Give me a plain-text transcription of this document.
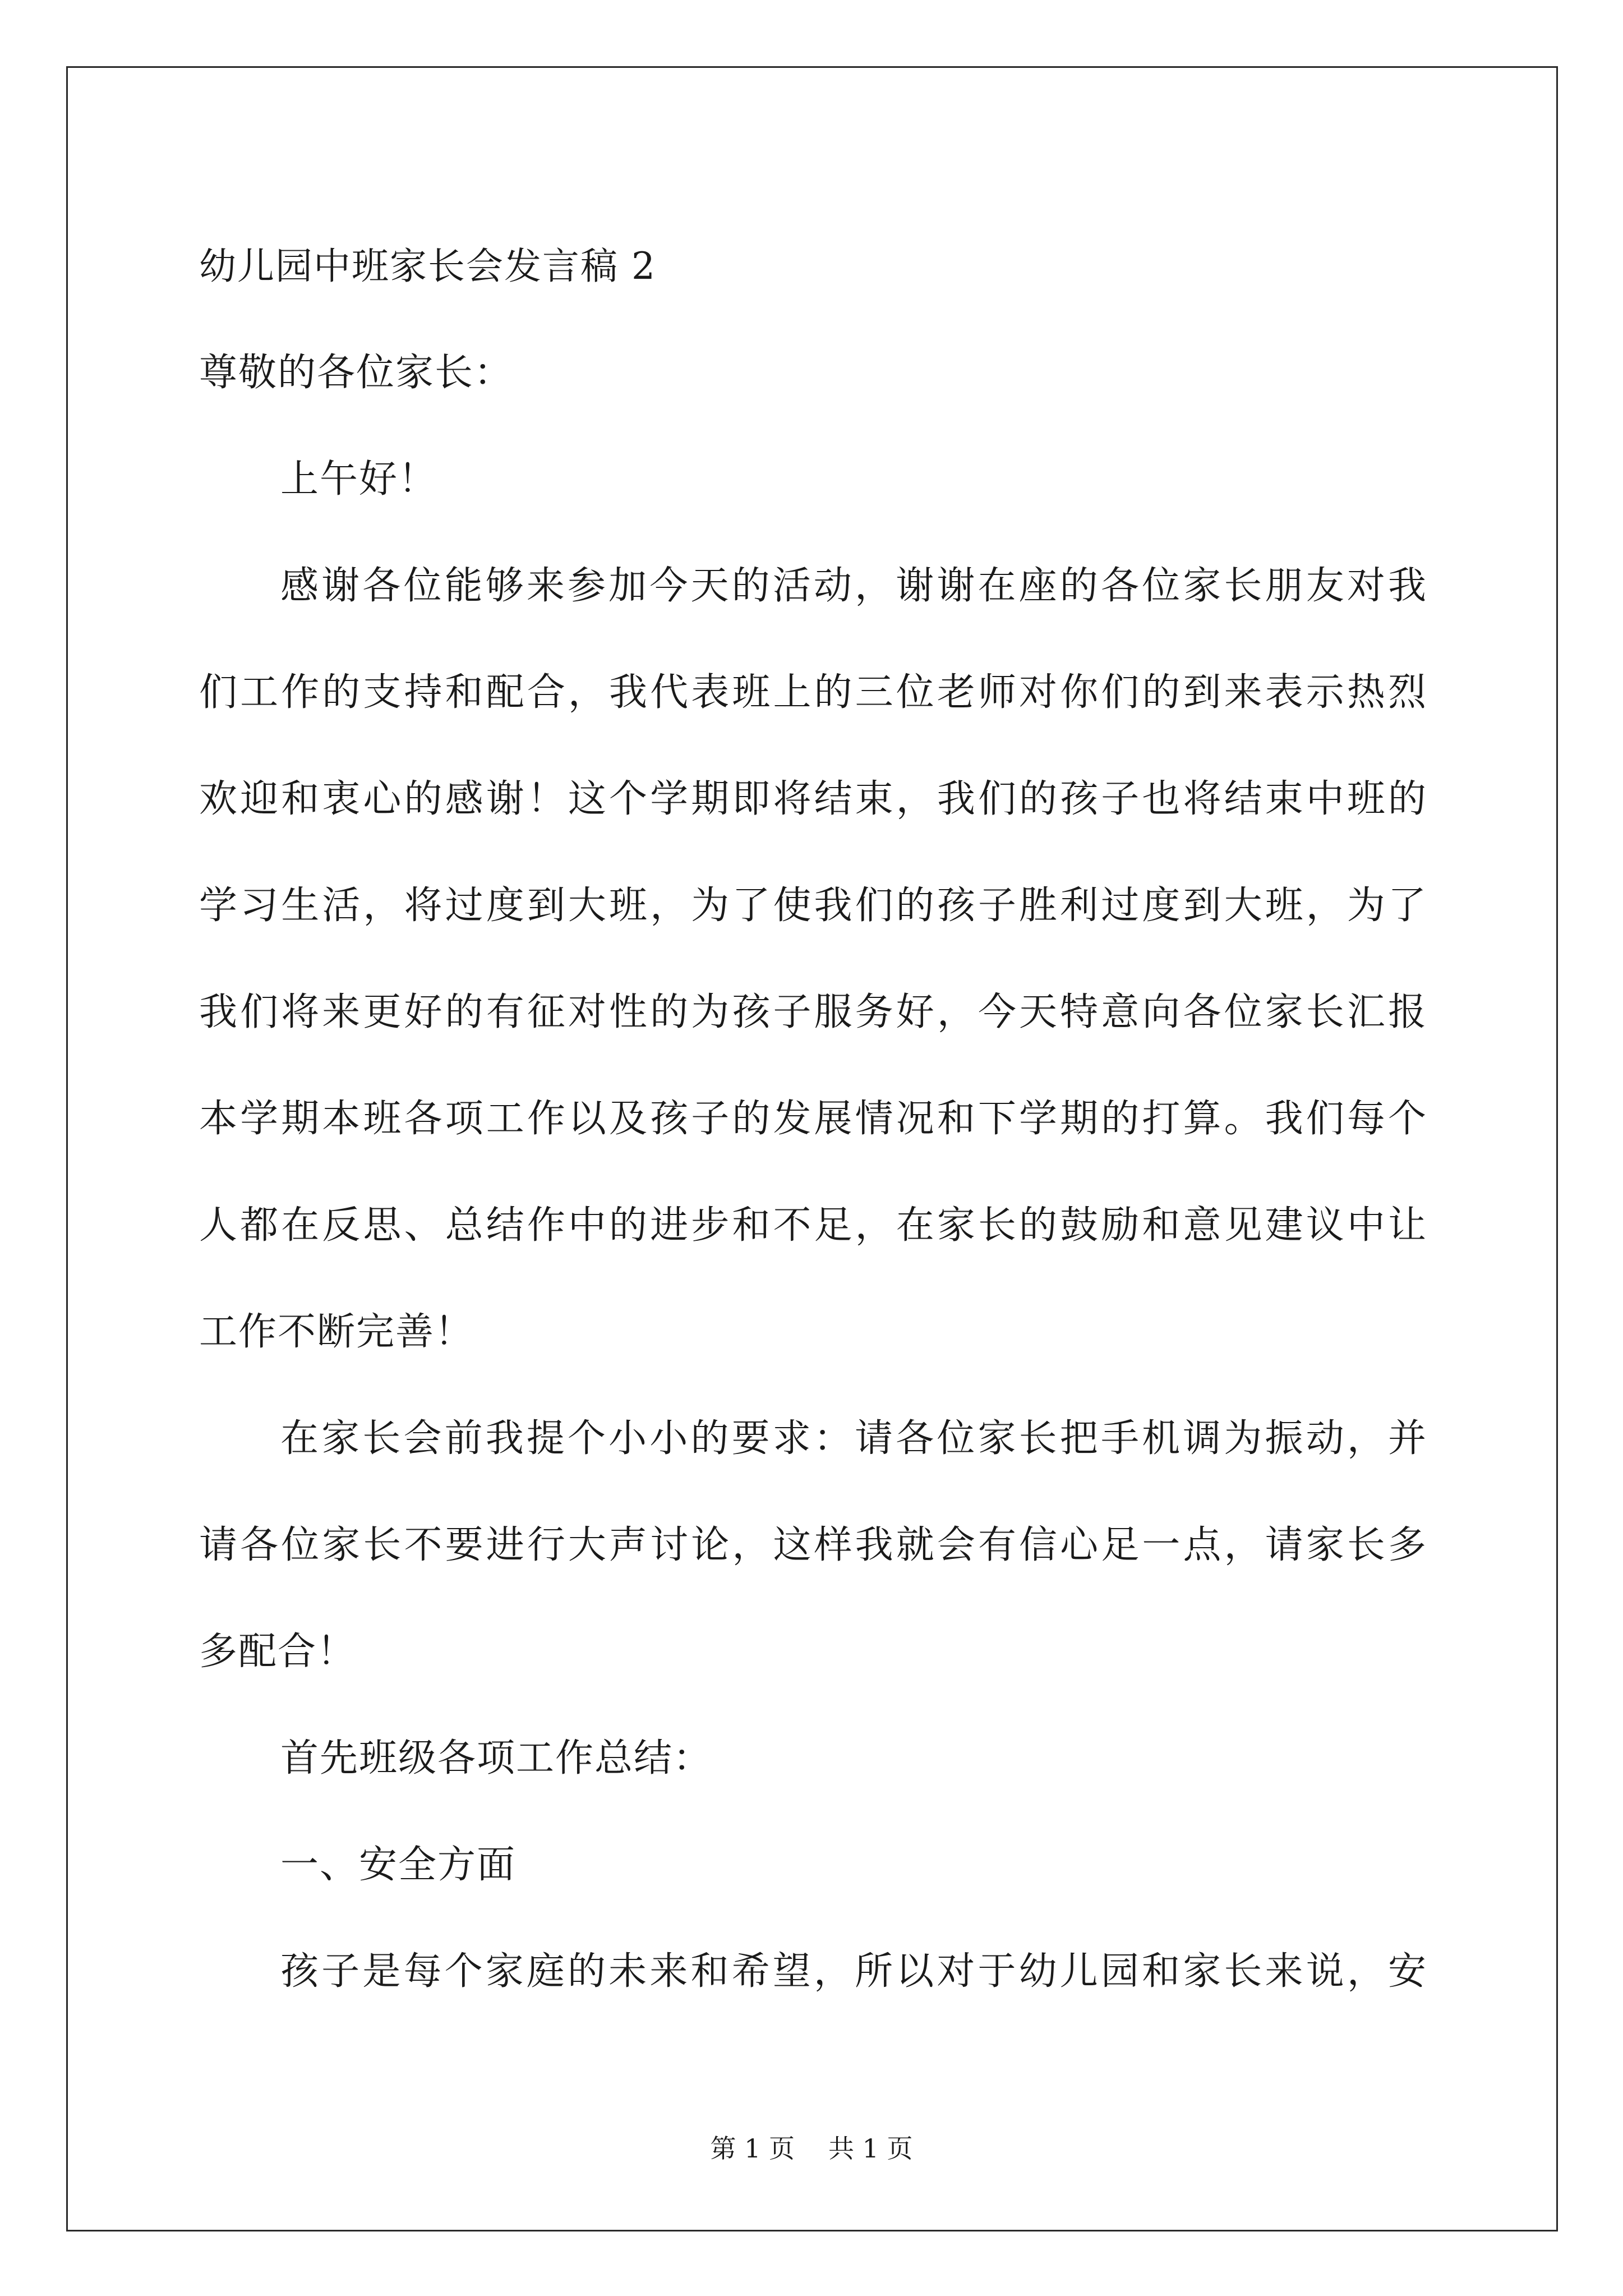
幼儿园中班家长会发言稿 2
尊敬的各位家长：
上午好！
感谢各位能够来参加今天的活动，谢谢在座的各位家长朋友对我
们工作的支持和配合，我代表班上的三位老师对你们的到来表示热烈
欢迎和衷心的感谢！这个学期即将结束，我们的孩子也将结束中班的
学习生活，将过度到大班，为了使我们的孩子胜利过度到大班，为了
我们将来更好的有征对性的为孩子服务好，今天特意向各位家长汇报
本学期本班各项工作以及孩子的发展情况和下学期的打算。我们每个
人都在反思、总结作中的进步和不足，在家长的鼓励和意见建议中让
工作不断完善！
在家长会前我提个小小的要求：请各位家长把手机调为振动，并
请各位家长不要进行大声讨论，这样我就会有信心足一点，请家长多
多配合！
首先班级各项工作总结：
一、安全方面
孩子是每个家庭的未来和希望，所以对于幼儿园和家长来说，安
第 1 页 共 1 页
